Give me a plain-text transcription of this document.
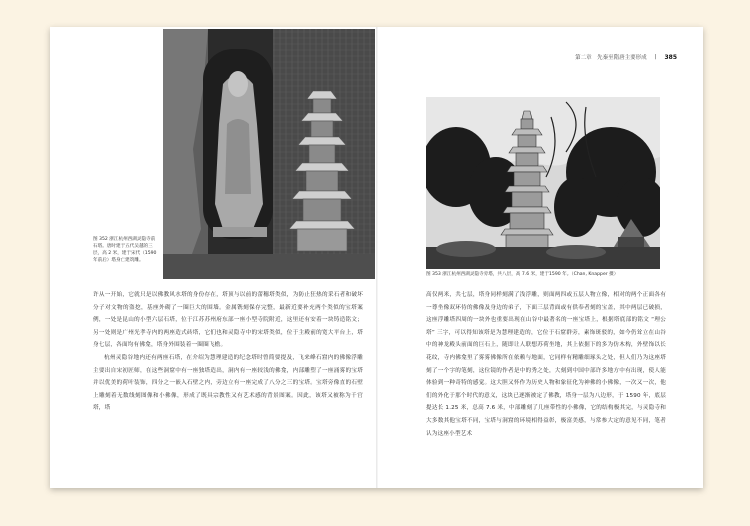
第二章　先秦至隋唐主要形成 | 385
图 352 浙江杭州西湖灵隐寺前石塔。唐时建于五代吴越的三层，高 2 米，建于宋代（1590 年前后）塔身亡建筑雕。
图 353 浙江杭州西湖灵隐寺旁塔，共八层，高 7.6 米，建于1590 年。（Chan, Knapper 摄）

许从一开始，它就只是以佛教风水塔的身份存在，塔顶与以前的蕾穗塔类似，为防止狂热的采石者和破坏分子对文物的盗挖，基座外砌了一圈巨大的围墙。金属镌刻保存完整，最新近要补充两个类似的宝塔案例，一处是昆山的小型六层石塔，位于江苏苏州府东部一座小型寺院附近，这里还有安着一块铸造铭文；另一处则是广州光孝寺内的两座造式砖塔，它们也和灵隐寺中的宋塔类似，位于主殿前的宽大平台上，塔身七层，各面均有佛龛，塔身外围装着一圈圈飞檐。

杭州灵隐谷地内还有两座石塔，在介绍为慧理建造的纪念塔时曾简要提及，飞来峰石窟内的佛像浮雕主要出自宋初匠师，在这些洞窟中有一座独塔造出，洞内有一座较浅的佛龛，内部雕塑了一座涌雾的宝塔并以优美的荷叶装饰，四分之一嵌入石壁之内，旁边立有一座完成了八分之三的宝塔。宝塔旁像直的石壁上雕刻着无数线刻图像和小佛像，形成了既具宗教性又有艺术感的背景图案。因此，该塔又被称为千官塔，塔

高仅两米，共七层，塔身同样刻满了浅浮雕，则面两四或五层人物立像，相对的两个正面各有一尊坐像双环侍的佛像及身边的弟子，下面三层背面或有供奉者刻的宝盖，其中两层已破损，这座浮雕塔四周的一块外也重要出现在山谷中最著名的一座宝塔上，根据塔底部的铭文 “理公塔” 三字，可以得知该塔是为慧理建造的，它位于石窟群旁，素饰斑驳的，如今仍耸立在山谷中的神龙殿头前面的巨石上，随即让人联想苏荷坐地，其上依据下的多为仿木构，外壁饰以长花纹，寺内佛龛里了雾雾佛像所在依赖与地面，它同样有精雕细琢头之处，但人们乃为这座塔刻了一个字的笔刻，这位镜的作者是中的秀之处，大刻到中国中部许多地方中有出现，使人能体验到一种奇特的感觉。这大胆又怀作为历史人物和象征化为神佛的小佛像，一次又一次，他们的外化于那个时代的意义，这块已逐渐被定了佛教，塔身一层为八边形，于 1590 年，底层提达长 1.25 米，总高 7.6 米，中部雕刻了几座带性的小佛像，它的结构极其完，与灵隐寺和大多数其他宝塔不同，宝塔与洞窟的环境相得益彰，极富美感，与常参大定的意见不同，笔者认为这座小型艺术
